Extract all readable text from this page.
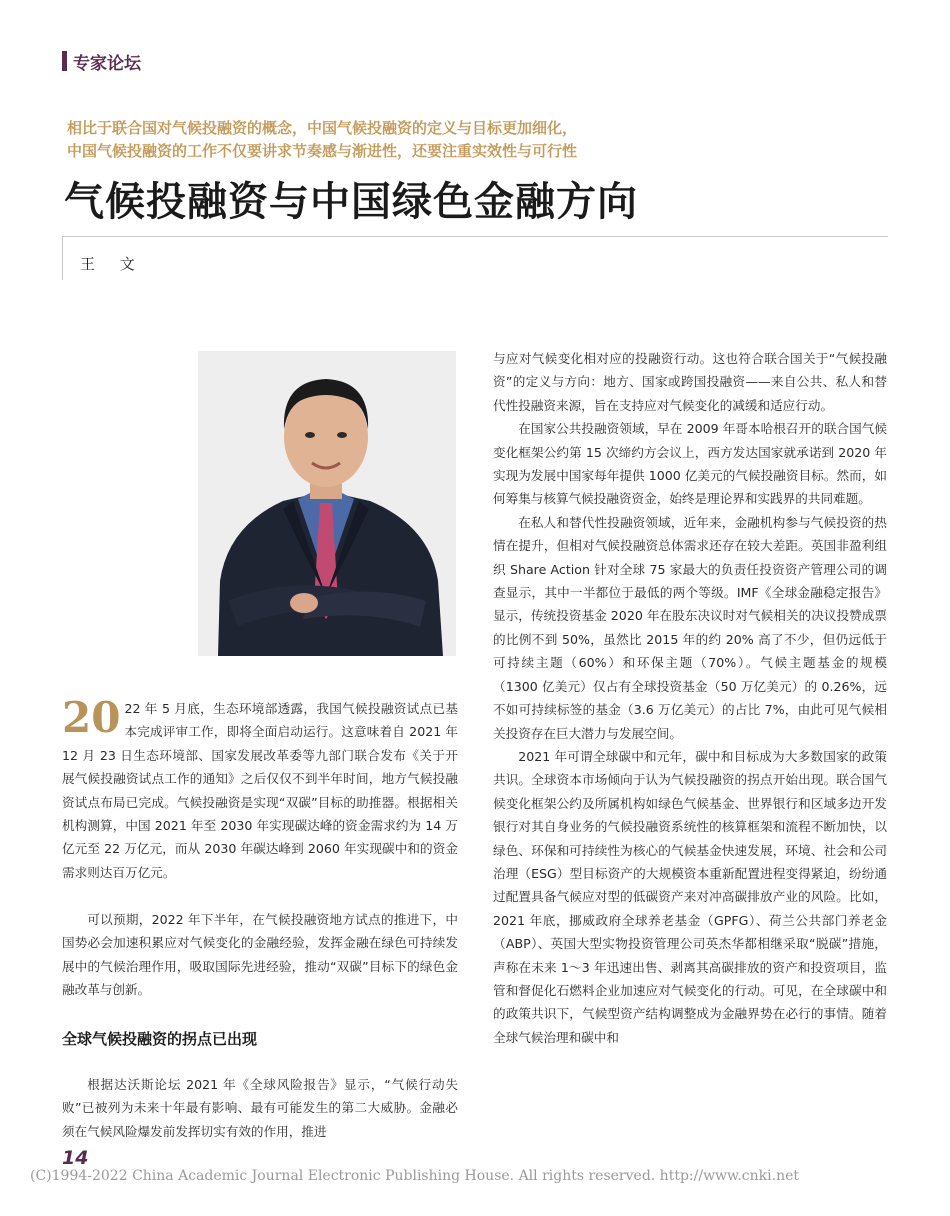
专家论坛
相比于联合国对气候投融资的概念，中国气候投融资的定义与目标更加细化，
中国气候投融资的工作不仅要讲求节奏感与渐进性，还要注重实效性与可行性
气候投融资与中国绿色金融方向
王 文
20 22 年 5 月底，生态环境部透露，我国气候投融资试点已基本完成评审工作，即将全面启动运行。这意味着自 2021 年 12 月 23 日生态环境部、国家发展改革委等九部门联合发布《关于开展气候投融资试点工作的通知》之后仅仅不到半年时间，地方气候投融资试点布局已完成。气候投融资是实现“双碳”目标的助推器。根据相关机构测算，中国 2021 年至 2030 年实现碳达峰的资金需求约为 14 万亿元至 22 万亿元，而从 2030 年碳达峰到 2060 年实现碳中和的资金需求则达百万亿元。

可以预期，2022 年下半年，在气候投融资地方试点的推进下，中国势必会加速积累应对气候变化的金融经验，发挥金融在绿色可持续发展中的气候治理作用，吸取国际先进经验，推动“双碳”目标下的绿色金融改革与创新。

全球气候投融资的拐点已出现

根据达沃斯论坛 2021 年《全球风险报告》显示，“气候行动失败”已被列为未来十年最有影响、最有可能发生的第二大威胁。金融必须在气候风险爆发前发挥切实有效的作用，推进

与应对气候变化相对应的投融资行动。这也符合联合国关于“气候投融资”的定义与方向：地方、国家或跨国投融资——来自公共、私人和替代性投融资来源，旨在支持应对气候变化的减缓和适应行动。

在国家公共投融资领域，早在 2009 年哥本哈根召开的联合国气候变化框架公约第 15 次缔约方会议上，西方发达国家就承诺到 2020 年实现为发展中国家每年提供 1000 亿美元的气候投融资目标。然而，如何筹集与核算气候投融资资金，始终是理论界和实践界的共同难题。

在私人和替代性投融资领域，近年来，金融机构参与气候投资的热情在提升，但相对气候投融资总体需求还存在较大差距。英国非盈利组织 Share Action 针对全球 75 家最大的负责任投资资产管理公司的调查显示，其中一半都位于最低的两个等级。IMF《全球金融稳定报告》显示，传统投资基金 2020 年在股东决议时对气候相关的决议投赞成票的比例不到 50%，虽然比 2015 年的约 20% 高了不少，但仍远低于可持续主题（60%）和环保主题（70%）。气候主题基金的规模（1300 亿美元）仅占有全球投资基金（50 万亿美元）的 0.26%，远不如可持续标签的基金（3.6 万亿美元）的占比 7%，由此可见气候相关投资存在巨大潜力与发展空间。

2021 年可谓全球碳中和元年，碳中和目标成为大多数国家的政策共识。全球资本市场倾向于认为气候投融资的拐点开始出现。联合国气候变化框架公约及所属机构如绿色气候基金、世界银行和区域多边开发银行对其自身业务的气候投融资系统性的核算框架和流程不断加快，以绿色、环保和可持续性为核心的气候基金快速发展，环境、社会和公司治理（ESG）型目标资产的大规模资本重新配置进程变得紧迫，纷纷通过配置具备气候应对型的低碳资产来对冲高碳排放产业的风险。比如，2021 年底，挪威政府全球养老基金（GPFG）、荷兰公共部门养老金（ABP）、英国大型实物投资管理公司英杰华都相继采取“脱碳”措施，声称在未来 1～3 年迅速出售、剥离其高碳排放的资产和投资项目，监管和督促化石燃料企业加速应对气候变化的行动。可见，在全球碳中和的政策共识下，气候型资产结构调整成为金融界势在必行的事情。随着全球气候治理和碳中和

14
(C)1994-2022 China Academic Journal Electronic Publishing House. All rights reserved. http://www.cnki.net
